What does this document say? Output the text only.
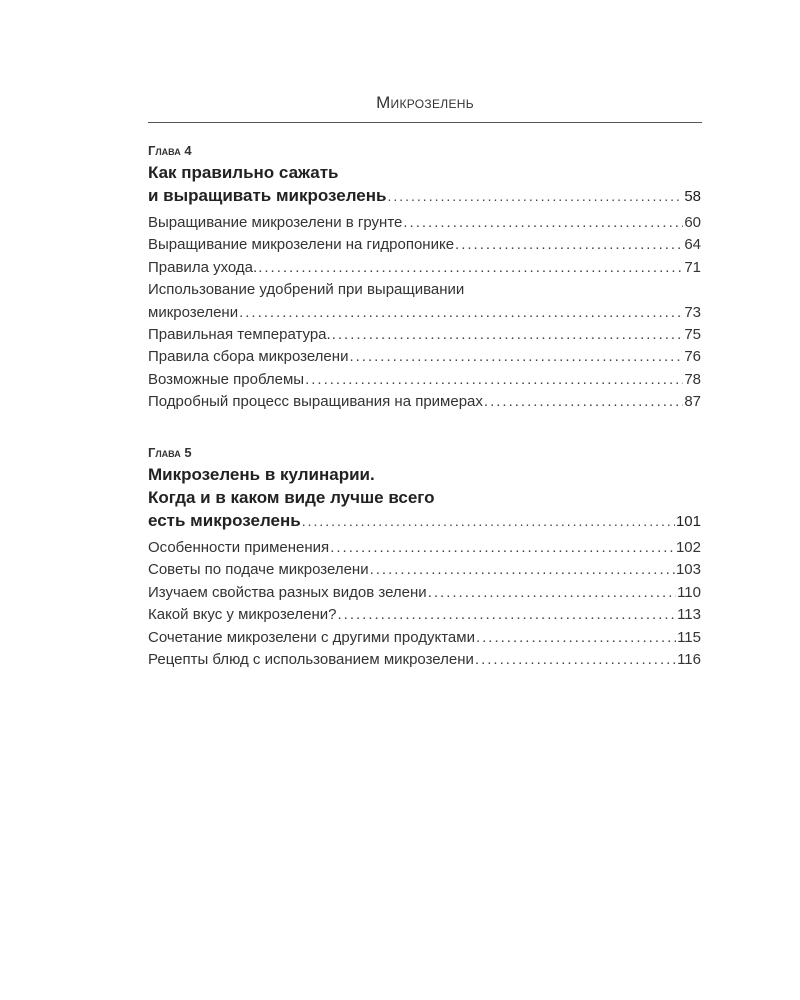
Микрозелень
Глава 4
Как правильно сажать
и выращивать микрозелень .....	58
Выращивание микрозелени в грунте .....	60
Выращивание микрозелени на гидропонике .....	64
Правила ухода. .....	71
Использование удобрений при выращивании
микрозелени .....	73
Правильная температура. .....	75
Правила сбора микрозелени .....	76
Возможные проблемы .....	78
Подробный процесс выращивания на примерах .....	87
Глава 5
Микрозелень в кулинарии.
Когда и в каком виде лучше всего
есть микрозелень .....	101
Особенности применения .....	102
Советы по подаче микрозелени .....	103
Изучаем свойства разных видов зелени .....	110
Какой вкус у микрозелени? .....	113
Сочетание микрозелени с другими продуктами .....	115
Рецепты блюд с использованием микрозелени .....	116
